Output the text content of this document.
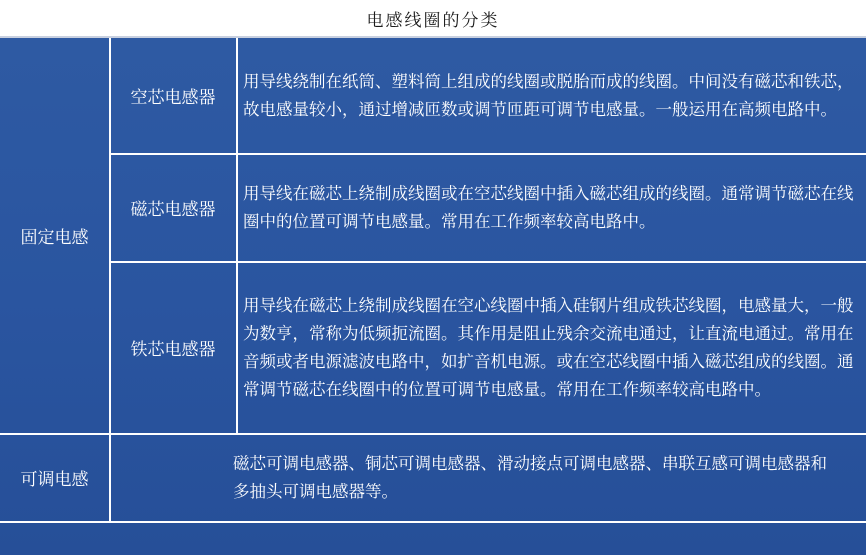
电感线圈的分类
固定电感
空芯电感器
用导线绕制在纸筒、塑料筒上组成的线圈或脱胎而成的线圈。中间没有磁芯和铁芯，故电感量较小，通过增减匝数或调节匝距可调节电感量。一般运用在高频电路中。
磁芯电感器
用导线在磁芯上绕制成线圈或在空芯线圈中插入磁芯组成的线圈。通常调节磁芯在线圈中的位置可调节电感量。常用在工作频率较高电路中。
铁芯电感器
用导线在磁芯上绕制成线圈在空心线圈中插入硅钢片组成铁芯线圈，电感量大，一般为数亨，常称为低频扼流圈。其作用是阻止残余交流电通过，让直流电通过。常用在音频或者电源滤波电路中，如扩音机电源。或在空芯线圈中插入磁芯组成的线圈。通常调节磁芯在线圈中的位置可调节电感量。常用在工作频率较高电路中。
可调电感
磁芯可调电感器、铜芯可调电感器、滑动接点可调电感器、串联互感可调电感器和多抽头可调电感器等。
